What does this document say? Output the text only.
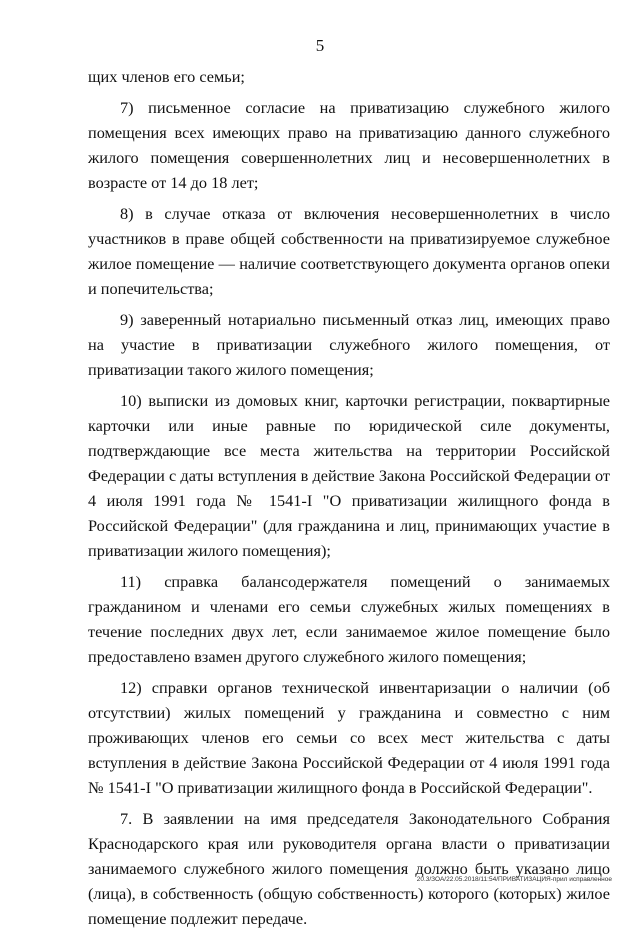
5

щих членов его семьи;

7) письменное согласие на приватизацию служебного жилого помещения всех имеющих право на приватизацию данного служебного жилого помещения совершеннолетних лиц и несовершеннолетних в возрасте от 14 до 18 лет;

8) в случае отказа от включения несовершеннолетних в число участников в праве общей собственности на приватизируемое служебное жилое помещение — наличие соответствующего документа органов опеки и попечительства;

9) заверенный нотариально письменный отказ лиц, имеющих право на участие в приватизации служебного жилого помещения, от приватизации такого жилого помещения;

10) выписки из домовых книг, карточки регистрации, поквартирные карточки или иные равные по юридической силе документы, подтверждающие все места жительства на территории Российской Федерации с даты вступления в действие Закона Российской Федерации от 4 июля 1991 года № 1541-I "О приватизации жилищного фонда в Российской Федерации" (для гражданина и лиц, принимающих участие в приватизации жилого помещения);

11) справка балансодержателя помещений о занимаемых гражданином и членами его семьи служебных жилых помещениях в течение последних двух лет, если занимаемое жилое помещение было предоставлено взамен другого служебного жилого помещения;

12) справки органов технической инвентаризации о наличии (об отсутствии) жилых помещений у гражданина и совместно с ним проживающих членов его семьи со всех мест жительства с даты вступления в действие Закона Российской Федерации от 4 июля 1991 года № 1541-I "О приватизации жилищного фонда в Российской Федерации".

7. В заявлении на имя председателя Законодательного Собрания Краснодарского края или руководителя органа власти о приватизации занимаемого служебного жилого помещения должно быть указано лицо (лица), в собственность (общую собственность) которого (которых) жилое помещение подлежит передаче.

20.3/ЗОА/22.05.2018/11:54/ПРИВАТИЗАЦИЯ-прил исправленное
